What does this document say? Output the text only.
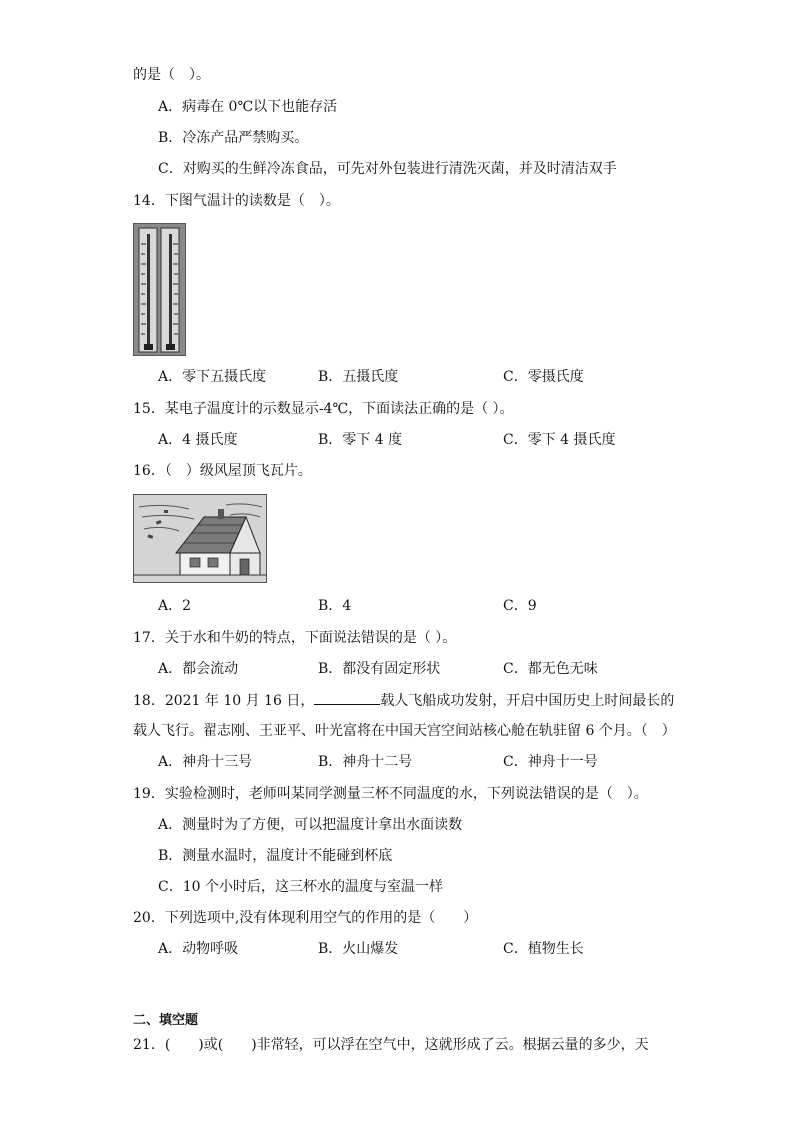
的是（　）。
A．病毒在 0℃以下也能存活
B．冷冻产品严禁购买。
C．对购买的生鲜冷冻食品，可先对外包装进行清洗灭菌，并及时清洁双手
14．下图气温计的读数是（　）。
A．零下五摄氏度	B．五摄氏度	C．零摄氏度
15．某电子温度计的示数显示-4℃，下面读法正确的是（ ）。
A．4 摄氏度	B．零下 4 度	C．零下 4 摄氏度
16．（　）级风屋顶飞瓦片。
A．2	B．4	C．9
17．关于水和牛奶的特点，下面说法错误的是（ ）。
A．都会流动	B．都没有固定形状	C．都无色无味
18．2021 年 10 月 16 日，	载人飞船成功发射，开启中国历史上时间最长的
载人飞行。翟志刚、王亚平、叶光富将在中国天宫空间站核心舱在轨驻留 6 个月。（　）
A．神舟十三号	B．神舟十二号	C．神舟十一号
19．实验检测时，老师叫某同学测量三杯不同温度的水，下列说法错误的是（　）。
A．测量时为了方便，可以把温度计拿出水面读数
B．测量水温时，温度计不能碰到杯底
C．10 个小时后，这三杯水的温度与室温一样
20．下列选项中,没有体现利用空气的作用的是（　　）
A．动物呼吸	B．火山爆发	C．植物生长
二、填空题
21．(　　)或(　　)非常轻，可以浮在空气中，这就形成了云。根据云量的多少，天
